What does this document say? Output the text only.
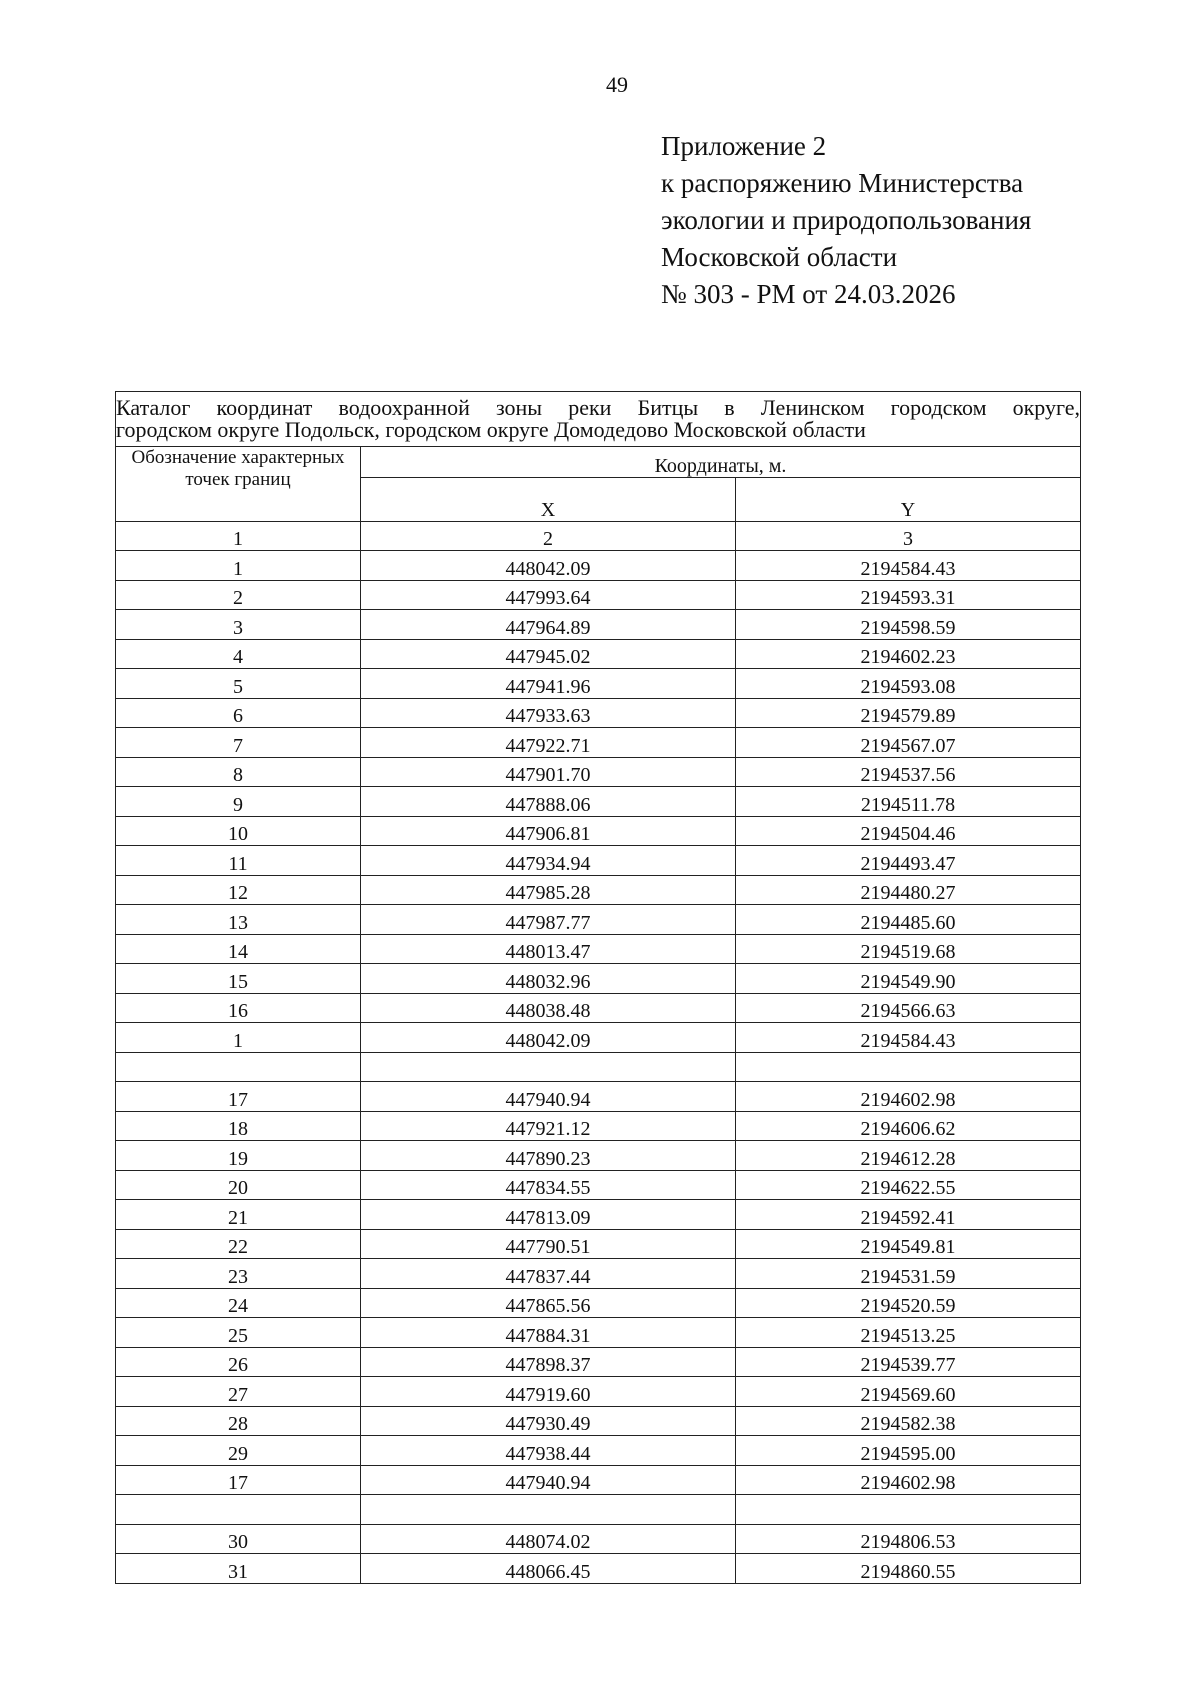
49
Приложение 2
к распоряжению Министерства
экологии и природопользования
Московской области
№ 303 - РМ от 24.03.2026
Каталог координат водоохранной зоны реки Битцы в Ленинском городском округе,
городском округе Подольск, городском округе Домодедово Московской области		

Обозначение характерных точек границ	Координаты, м.	
	X	Y
1	2	3
1	448042.09	2194584.43
2	447993.64	2194593.31
3	447964.89	2194598.59
4	447945.02	2194602.23
5	447941.96	2194593.08
6	447933.63	2194579.89
7	447922.71	2194567.07
8	447901.70	2194537.56
9	447888.06	2194511.78
10	447906.81	2194504.46
11	447934.94	2194493.47
12	447985.28	2194480.27
13	447987.77	2194485.60
14	448013.47	2194519.68
15	448032.96	2194549.90
16	448038.48	2194566.63
1	448042.09	2194584.43

17	447940.94	2194602.98
18	447921.12	2194606.62
19	447890.23	2194612.28
20	447834.55	2194622.55
21	447813.09	2194592.41
22	447790.51	2194549.81
23	447837.44	2194531.59
24	447865.56	2194520.59
25	447884.31	2194513.25
26	447898.37	2194539.77
27	447919.60	2194569.60
28	447930.49	2194582.38
29	447938.44	2194595.00
17	447940.94	2194602.98

30	448074.02	2194806.53
31	448066.45	2194860.55
